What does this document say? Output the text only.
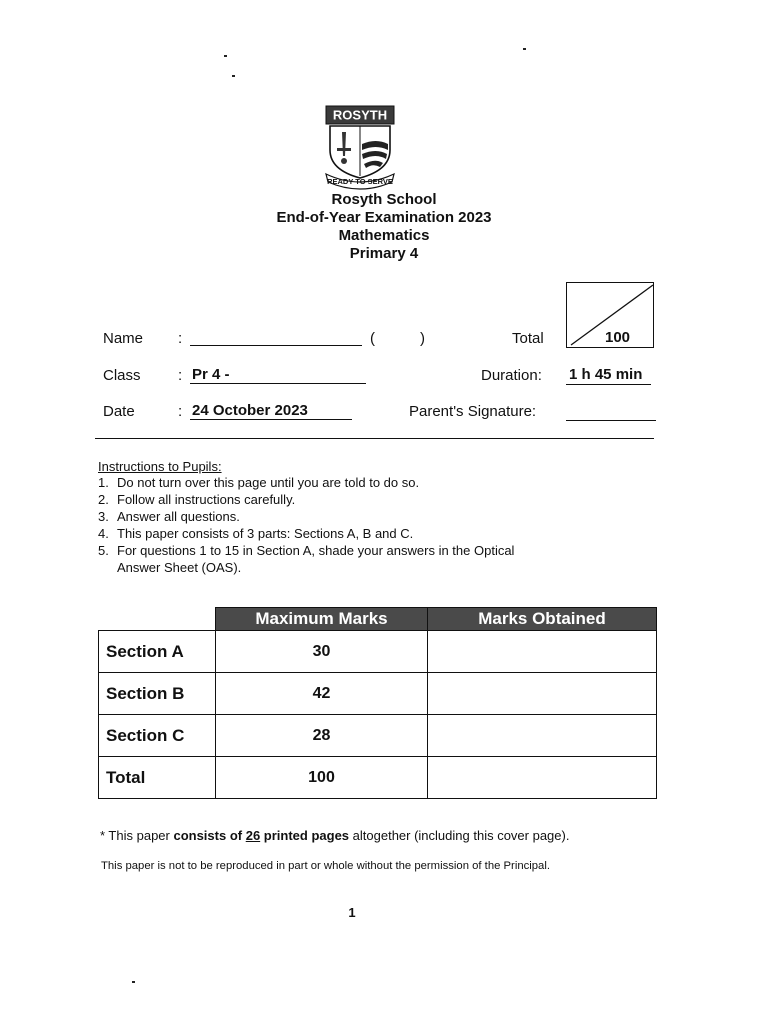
ROSYTH
READY TO SERVE
Rosyth School
End-of-Year Examination 2023
Mathematics
Primary 4
Name :	(	)	Total	100
Class : Pr 4 -	Duration: 1 h 45 min
Date	: 24 October 2023	Parent's Signature:
Instructions to Pupils:
1. Do not turn over this page until you are told to do so.
2. Follow all instructions carefully.
3. Answer all questions.
4. This paper consists of 3 parts: Sections A, B and C.
5. For questions 1 to 15 in Section A, shade your answers in the Optical
Answer Sheet (OAS).
	Maximum Marks	Marks Obtained
Section A	30	
Section B	42	
Section C	28	
Total	100	
* This paper consists of 26 printed pages altogether (including this cover page).
This paper is not to be reproduced in part or whole without the permission of the Principal.
1
